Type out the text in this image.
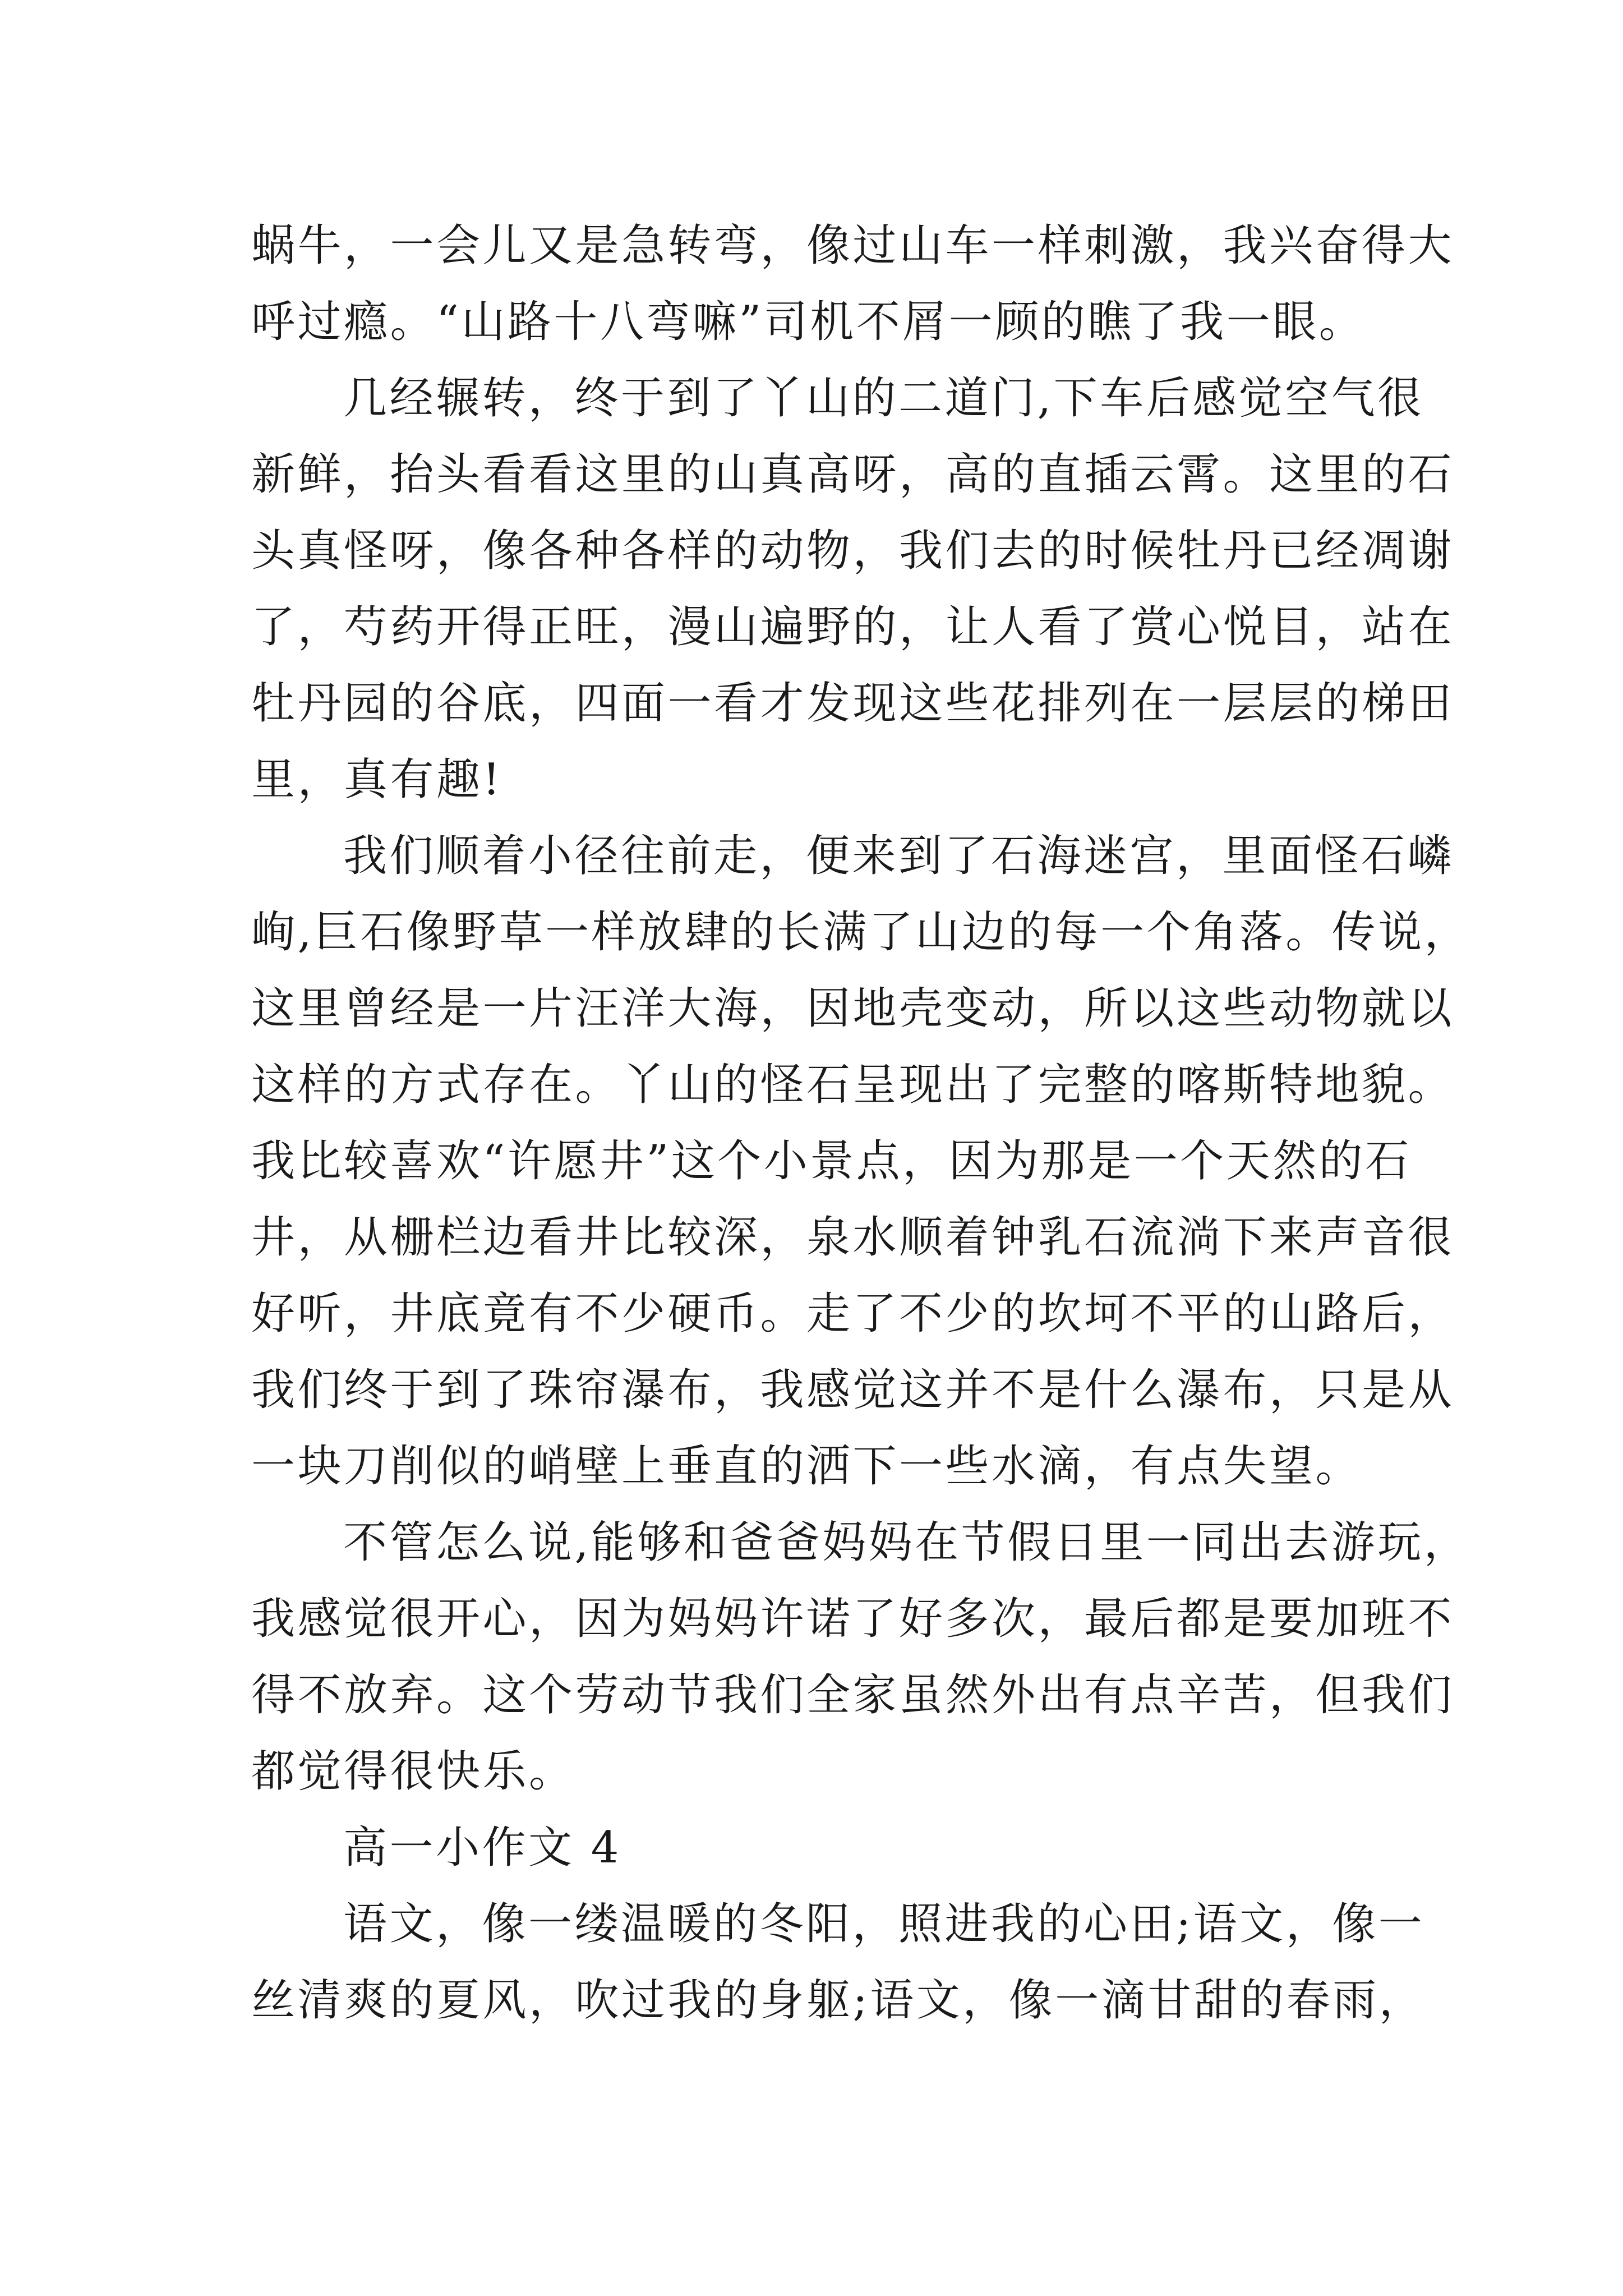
蜗牛，一会儿又是急转弯，像过山车一样刺激，我兴奋得大
呼过瘾。“山路十八弯嘛”司机不屑一顾的瞧了我一眼。
几经辗转，终于到了丫山的二道门,下车后感觉空气很
新鲜，抬头看看这里的山真高呀，高的直插云霄。这里的石
头真怪呀，像各种各样的动物，我们去的时候牡丹已经凋谢
了，芍药开得正旺，漫山遍野的，让人看了赏心悦目，站在
牡丹园的谷底，四面一看才发现这些花排列在一层层的梯田
里，真有趣!
我们顺着小径往前走，便来到了石海迷宫，里面怪石嶙
峋,巨石像野草一样放肆的长满了山边的每一个角落。传说，
这里曾经是一片汪洋大海，因地壳变动，所以这些动物就以
这样的方式存在。丫山的怪石呈现出了完整的喀斯特地貌。
我比较喜欢“许愿井”这个小景点，因为那是一个天然的石
井，从栅栏边看井比较深，泉水顺着钟乳石流淌下来声音很
好听，井底竟有不少硬币。走了不少的坎坷不平的山路后，
我们终于到了珠帘瀑布，我感觉这并不是什么瀑布，只是从
一块刀削似的峭壁上垂直的洒下一些水滴，有点失望。
不管怎么说,能够和爸爸妈妈在节假日里一同出去游玩，
我感觉很开心，因为妈妈许诺了好多次，最后都是要加班不
得不放弃。这个劳动节我们全家虽然外出有点辛苦，但我们
都觉得很快乐。
高一小作文 4
语文，像一缕温暖的冬阳，照进我的心田;语文，像一
丝清爽的夏风，吹过我的身躯;语文，像一滴甘甜的春雨，
